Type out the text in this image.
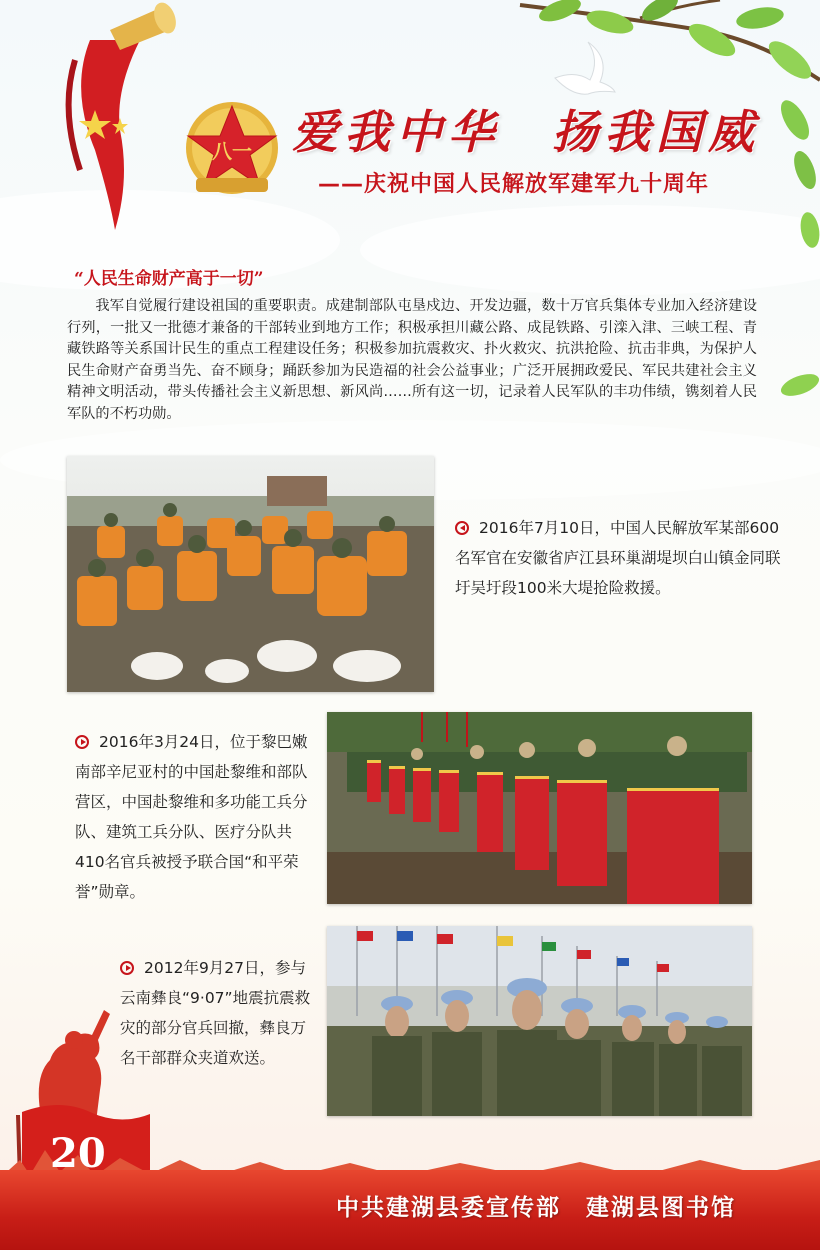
八一 爱我中华　扬我国威
——庆祝中国人民解放军建军九十周年
“人民生命财产高于一切”
我军自觉履行建设祖国的重要职责。成建制部队屯垦戍边、开发边疆，数十万官兵集体专业加入经济建设行列，一批又一批德才兼备的干部转业到地方工作；积极承担川藏公路、成昆铁路、引滦入津、三峡工程、青藏铁路等关系国计民生的重点工程建设任务；积极参加抗震救灾、扑火救灾、抗洪抢险、抗击非典，为保护人民生命财产奋勇当先、奋不顾身；踊跃参加为民造福的社会公益事业；广泛开展拥政爱民、军民共建社会主义精神文明活动，带头传播社会主义新思想、新风尚……所有这一切，记录着人民军队的丰功伟绩，镌刻着人民军队的不朽功勋。
2016年7月10日，中国人民解放军某部600名军官在安徽省庐江县环巢湖堤坝白山镇金同联圩吴圩段100米大堤抢险救援。
2016年3月24日，位于黎巴嫩南部辛尼亚村的中国赴黎维和部队营区，中国赴黎维和多功能工兵分队、建筑工兵分队、医疗分队共410名官兵被授予联合国“和平荣誉”勋章。
2012年9月27日，参与云南彝良“9·07”地震抗震救灾的部分官兵回撤，彝良万名干部群众夹道欢送。
20
中共建湖县委宣传部　建湖县图书馆
